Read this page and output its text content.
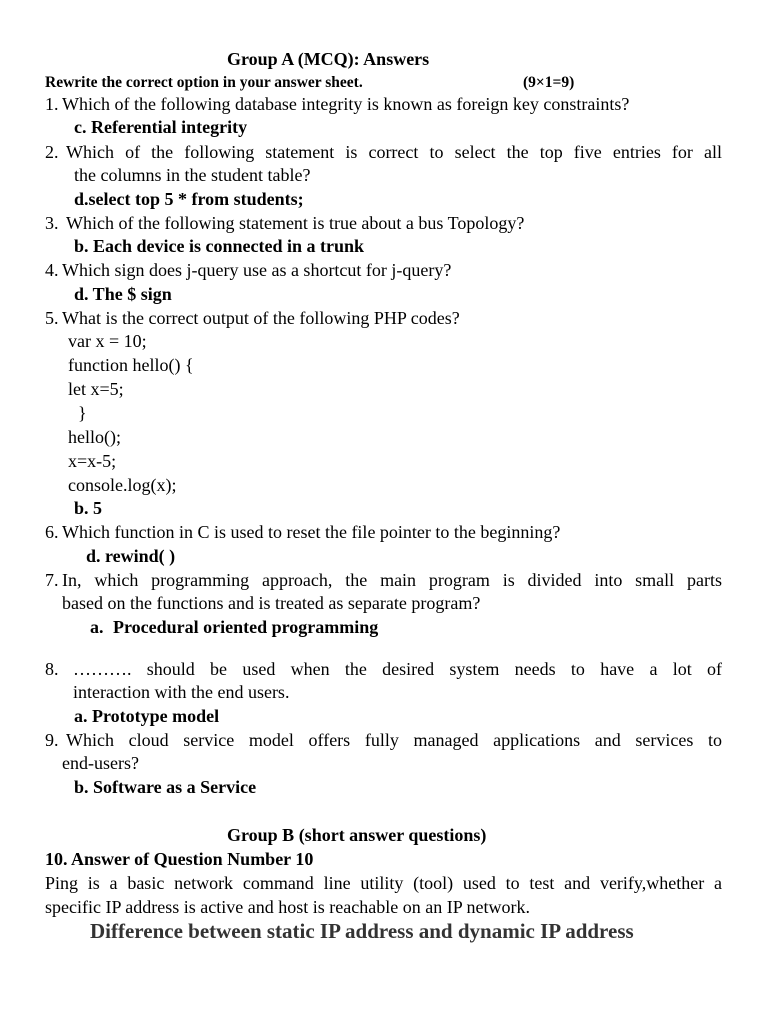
Group A (MCQ): Answers
Rewrite the correct option in your answer sheet.	(9×1=9)
1. Which of the following database integrity is known as foreign key constraints?
c. Referential integrity
2. Which of the following statement is correct to select the top five entries for all
the columns in the student table?
d.select top 5 * from students;
3. Which of the following statement is true about a bus Topology?
b. Each device is connected in a trunk
4. Which sign does j-query use as a shortcut for j-query?
d. The $ sign
5. What is the correct output of the following PHP codes?
var x = 10;
function hello() {
let x=5;
}
hello();
x=x-5;
console.log(x);
b. 5
6. Which function in C is used to reset the file pointer to the beginning?
d. rewind( )
7. In, which programming approach, the main program is divided into small parts
based on the functions and is treated as separate program?
a. Procedural oriented programming
8. ………. should be used when the desired system needs to have a lot of
interaction with the end users.
a. Prototype model
9. Which cloud service model offers fully managed applications and services to
end-users?
b. Software as a Service
Group B (short answer questions)
10. Answer of Question Number 10
Ping is a basic network command line utility (tool) used to test and verify,whether a
specific IP address is active and host is reachable on an IP network.
Difference between static IP address and dynamic IP address
